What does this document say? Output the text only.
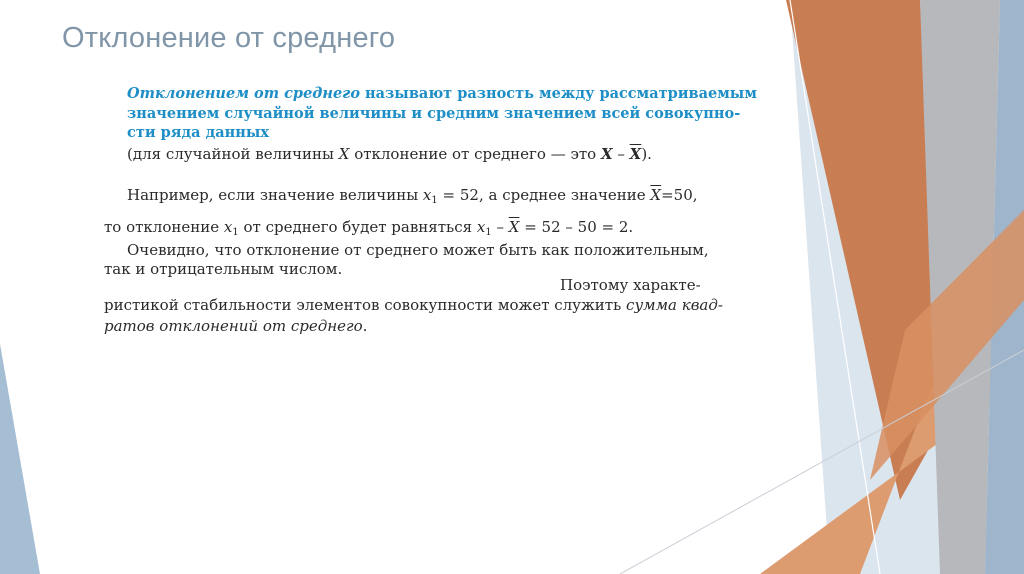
Отклонение от среднего
Отклонением от среднего называют разность между рассматриваемым
значением случайной величины и средним значением всей совокупно-
сти ряда данных
(для случайной величины X отклонение от среднего — это X – $\overline{X}$).
Например, если значение величины $x_1 = 52$, а среднее значение $\overline{X}=50$,
то отклонение $x_1$ от среднего будет равняться $x_1 - \overline{X} = 52 - 50 = 2$.
Очевидно, что отклонение от среднего может быть как положительным,
так и отрицательным числом.
Поэтому характе-
ристикой стабильности элементов совокупности может служить сумма квад-
ратов отклонений от среднего.
